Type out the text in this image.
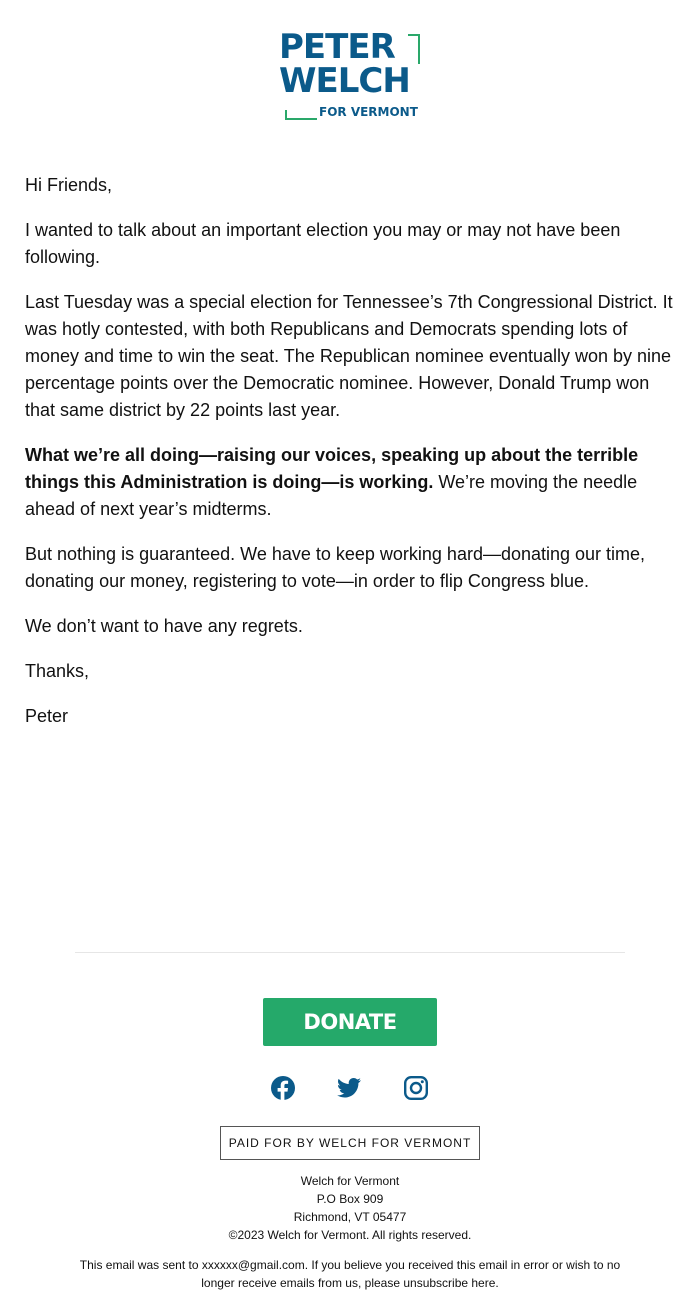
PETER
WELCH
FOR VERMONT

Hi Friends,

I wanted to talk about an important election you may or may not have been following.

Last Tuesday was a special election for Tennessee’s 7th Congressional District. It was hotly contested, with both Republicans and Democrats spending lots of money and time to win the seat. The Republican nominee eventually won by nine percentage points over the Democratic nominee. However, Donald Trump won that same district by 22 points last year.

What we’re all doing—raising our voices, speaking up about the terrible things this Administration is doing—is working. We’re moving the needle ahead of next year’s midterms.

But nothing is guaranteed. We have to keep working hard—donating our time, donating our money, registering to vote—in order to flip Congress blue.

We don’t want to have any regrets.

Thanks,

Peter

DONATE
PAID FOR BY WELCH FOR VERMONT
Welch for Vermont
P.O Box 909
Richmond, VT 05477
©2023 Welch for Vermont. All rights reserved.
This email was sent to xxxxxx@gmail.com. If you believe you received this email in error or wish to no longer receive emails from us, please unsubscribe here.
